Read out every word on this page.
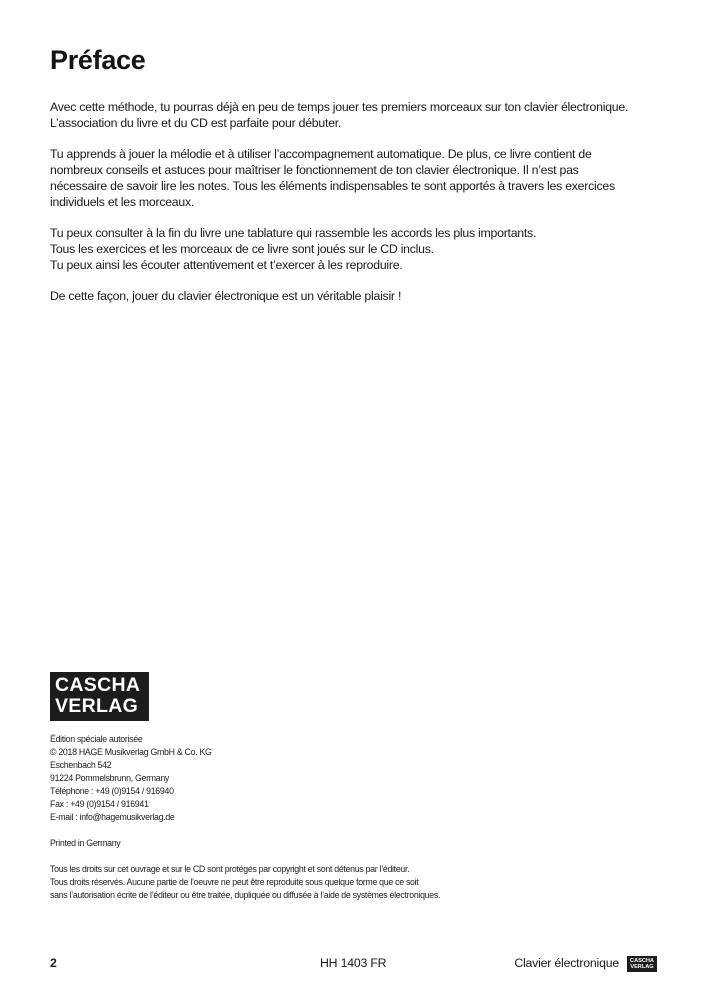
Préface

Avec cette méthode, tu pourras déjà en peu de temps jouer tes premiers morceaux sur ton clavier électronique.
L’association du livre et du CD est parfaite pour débuter.

Tu apprends à jouer la mélodie et à utiliser l’accompagnement automatique. De plus, ce livre contient de
nombreux conseils et astuces pour maîtriser le fonctionnement de ton clavier électronique. Il n’est pas
nécessaire de savoir lire les notes. Tous les éléments indispensables te sont apportés à travers les exercices
individuels et les morceaux.

Tu peux consulter à la fin du livre une tablature qui rassemble les accords les plus importants.
Tous les exercices et les morceaux de ce livre sont joués sur le CD inclus.
Tu peux ainsi les écouter attentivement et t’exercer à les reproduire.

De cette façon, jouer du clavier électronique est un véritable plaisir !

CASCHA
VERLAG
Édition spéciale autorisée
© 2018 HAGE Musikverlag GmbH & Co. KG
Eschenbach 542
91224 Pommelsbrunn, Germany
Téléphone : +49 (0)9154 / 916940
Fax : +49 (0)9154 / 916941
E-mail : info@hagemusikverlag.de
Printed in Germany
Tous les droits sur cet ouvrage et sur le CD sont protégés par copyright et sont détenus par l’éditeur.
Tous droits réservés. Aucune partie de l’oeuvre ne peut être reproduite sous quelque forme que ce soit
sans l’autorisation écrite de l’éditeur ou être traitée, dupliquée ou diffusée à l’aide de systèmes électroniques.
2	HH 1403 FR	Clavier électronique	CASCHA
VERLAG
